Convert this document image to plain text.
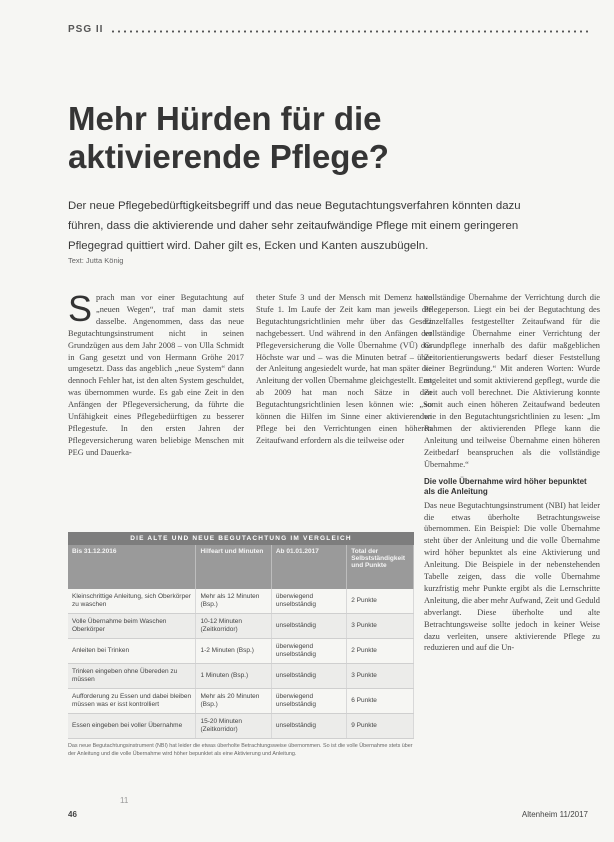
PSG II
Mehr Hürden für die aktivierende Pflege?

Der neue Pflegebedürftigkeitsbegriff und das neue Begutachtungsverfahren könnten dazu führen, dass die aktivierende und daher sehr zeitaufwändige Pflege mit einem geringeren Pflegegrad quittiert wird. Daher gilt es, Ecken und Kanten auszubügeln.

Text: Jutta König
S prach man vor einer Begutachtung auf „neuen Wegen“, traf man damit stets dasselbe. Angenommen, dass das neue Begutachtungsinstrument nicht in seinen Grundzügen aus dem Jahr 2008 – von Ulla Schmidt in Gang gesetzt und von Hermann Gröhe 2017 umgesetzt. Dass das angeblich „neue System“ dann dennoch Fehler hat, ist den alten System geschuldet, was übernommen wurde. Es gab eine Zeit in den Anfängen der Pflegeversicherung, da führte die Unfähigkeit eines Pflegebedürftigen zu besserer Pflegestufe. In den ersten Jahren der Pflegeversicherung waren beliebige Menschen mit PEG und Dauerka-

theter Stufe 3 und der Mensch mit Demenz hatte Stufe 1. Im Laufe der Zeit kam man jeweils die Begutachtungsrichtlinien mehr über das Gesetz nachgebessert. Und während in den Anfängen der Pflegeversicherung die Volle Übernahme (VÜ) das Höchste war und – was die Minuten betraf – über der Anleitung angesiedelt wurde, hat man später die Anleitung der vollen Übernahme gleichgestellt. Erst ab 2009 hat man noch Sätze in den Begutachtungsrichtlinien lesen können wie: „So können die Hilfen im Sinne einer aktivierenden Pflege bei den Verrichtungen einen höheren Zeitaufwand erfordern als die teilweise oder

vollständige Übernahme der Verrichtung durch die Pflegeperson. Liegt ein bei der Begutachtung des Einzelfalles festgestellter Zeitaufwand für die vollständige Übernahme einer Verrichtung der Grundpflege innerhalb des dafür maßgeblichen Zeitorientierungswerts bedarf dieser Feststellung keiner Begründung.“ Mit anderen Worten: Wurde angeleitet und somit aktivierend gepflegt, wurde die Zeit auch voll berechnet. Die Aktivierung konnte somit auch einen höheren Zeitaufwand bedeuten wie in den Begutachtungsrichtlinien zu lesen: „Im Rahmen der aktivierenden Pflege kann die Anleitung und teilweise Übernahme einen höheren Zeitbedarf beanspruchen als die vollständige Übernahme.“

Die volle Übernahme wird höher bepunktet als die Anleitung

Das neue Begutachtungsinstrument (NBI) hat leider die etwas überholte Betrachtungsweise übernommen. Ein Beispiel: Die volle Übernahme steht über der Anleitung und die volle Übernahme wird höher bepunktet als eine Aktivierung und Anleitung. Die Beispiele in der nebenstehenden Tabelle zeigen, dass die volle Übernahme kurzfristig mehr Punkte ergibt als die Lernschritte Anleitung, die aber mehr Aufwand, Zeit und Geduld abverlangt. Diese überholte und alte Betrachtungsweise sollte jedoch in keiner Weise dazu verleiten, unsere aktivierende Pflege zu reduzieren und auf die Un-

DIE ALTE UND NEUE BEGUTACHTUNG IM VERGLEICH
Bis 31.12.2016	Hilfeart und Minuten	Ab 01.01.2017	Total der Selbstständigkeit und Punkte
Kleinschrittige Anleitung, sich Oberkörper zu waschen	Mehr als 12 Minuten (Bsp.)	überwiegend unselbständig	2 Punkte
Volle Übernahme beim Waschen Oberkörper	10-12 Minuten (Zeitkorridor)	unselbständig	3 Punkte
Anleiten bei Trinken	1-2 Minuten (Bsp.)	überwiegend unselbständig	2 Punkte
Trinken eingeben ohne Übereden zu müssen	1 Minuten (Bsp.)	unselbständig	3 Punkte
Aufforderung zu Essen und dabei bleiben müssen was er isst kontrolliert	Mehr als 20 Minuten (Bsp.)	überwiegend unselbständig	6 Punkte
Essen eingeben bei voller Übernahme	15-20 Minuten (Zeitkorridor)	unselbständig	9 Punkte
Das neue Begutachtungsinstrument (NBI) hat leider die etwas überholte Betrachtungsweise übernommen. So ist die volle Übernahme stets über der Anleitung und die volle Übernahme wird höher bepunktet als eine Aktivierung und Anleitung.
11
46	Altenheim 11/2017
